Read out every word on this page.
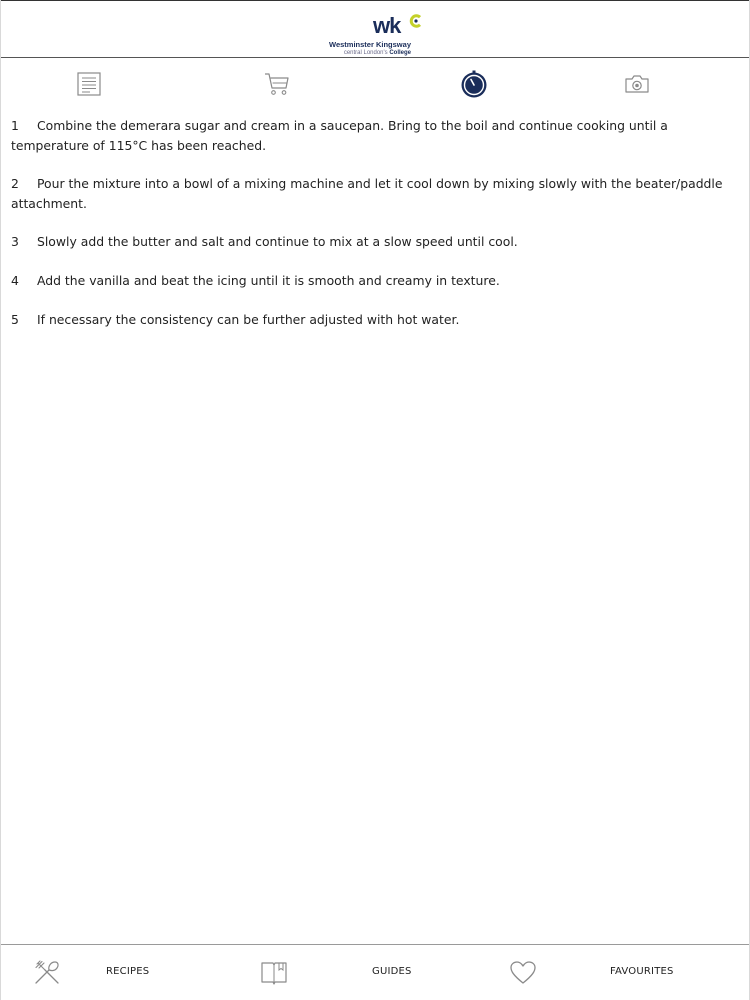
wk
Westminster Kingsway
central London's College
1 Combine the demerara sugar and cream in a saucepan. Bring to the boil and continue cooking until a temperature of 115°C has been reached.
2 Pour the mixture into a bowl of a mixing machine and let it cool down by mixing slowly with the beater/paddle attachment.
3 Slowly add the butter and salt and continue to mix at a slow speed until cool.
4 Add the vanilla and beat the icing until it is smooth and creamy in texture.
5 If necessary the consistency can be further adjusted with hot water.
RECIPES	GUIDES	FAVOURITES
